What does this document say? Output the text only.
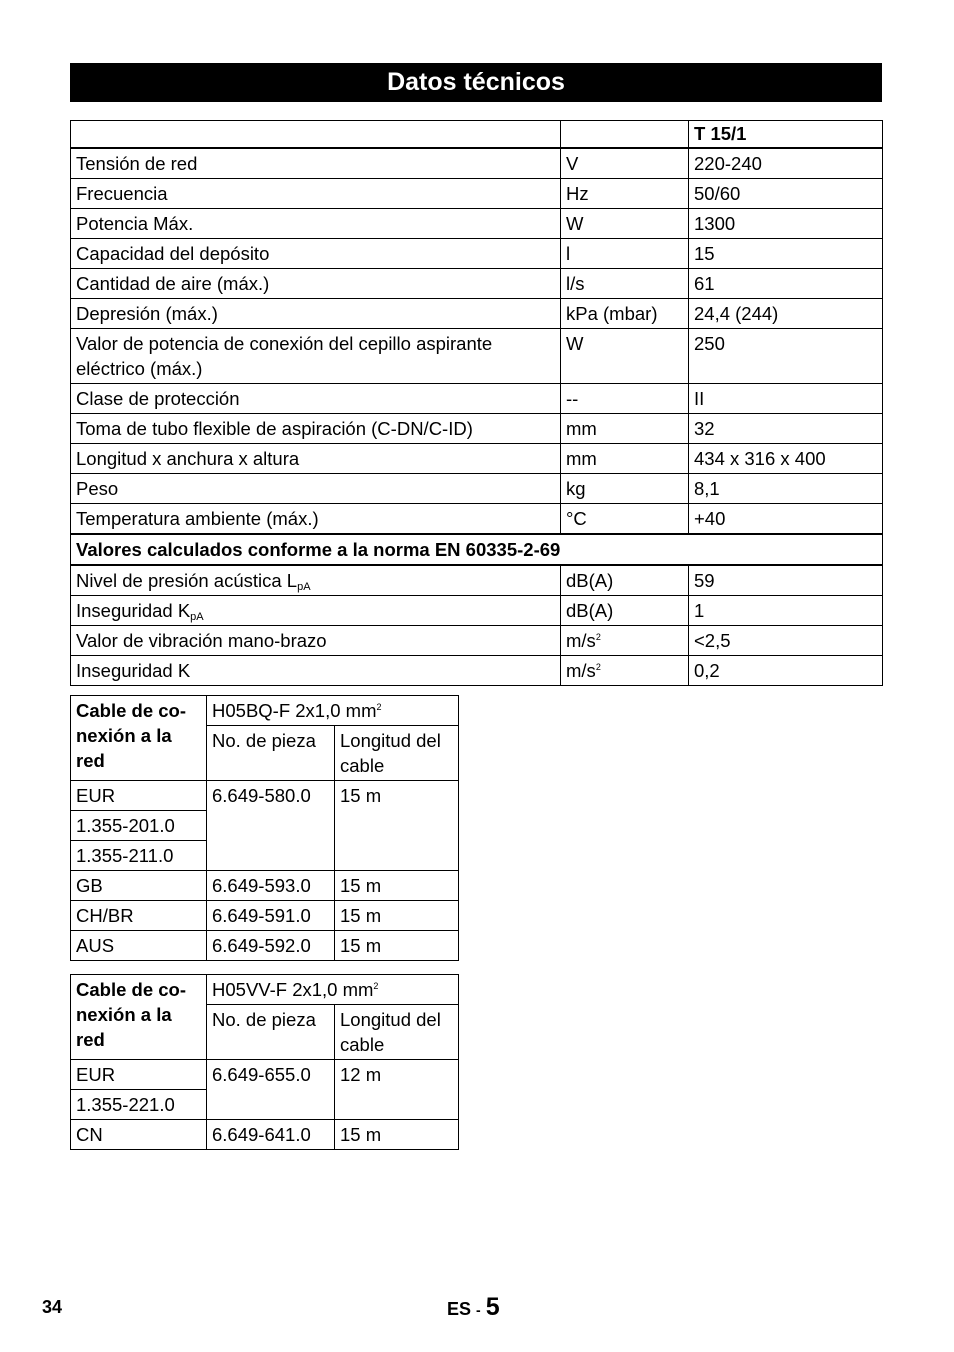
Datos técnicos
		T 15/1
Tensión de red	V	220-240
Frecuencia	Hz	50/60
Potencia Máx.	W	1300
Capacidad del depósito	l	15
Cantidad de aire (máx.)	l/s	61
Depresión (máx.)	kPa (mbar)	24,4 (244)
Valor de potencia de conexión del cepillo aspirante eléctrico (máx.)	W	250
Clase de protección	--	II
Toma de tubo flexible de aspiración (C-DN/C-ID)	mm	32
Longitud x anchura x altura	mm	434 x 316 x 400
Peso	kg	8,1
Temperatura ambiente (máx.)	°C	+40
Valores calculados conforme a la norma EN 60335-2-69		
Nivel de presión acústica $L_{pA}$	dB(A)	59
Inseguridad $K_{pA}$	dB(A)	1
Valor de vibración mano-brazo	$m/s^2$	<2,5
Inseguridad K	$m/s^2$	0,2
Cable de co-nexión a la red	H05BQ-F 2x1,0 $mm^2$
	No. de pieza	Longitud del cable
EUR	6.649-580.0	15 m
1.355-201.0		
1.355-211.0		
GB	6.649-593.0	15 m
CH/BR	6.649-591.0	15 m
AUS	6.649-592.0	15 m
Cable de co-nexión a la red	H05VV-F 2x1,0 $mm^2$
	No. de pieza	Longitud del cable
EUR	6.649-655.0	12 m
1.355-221.0		
CN	6.649-641.0	15 m
34	ES - 5
